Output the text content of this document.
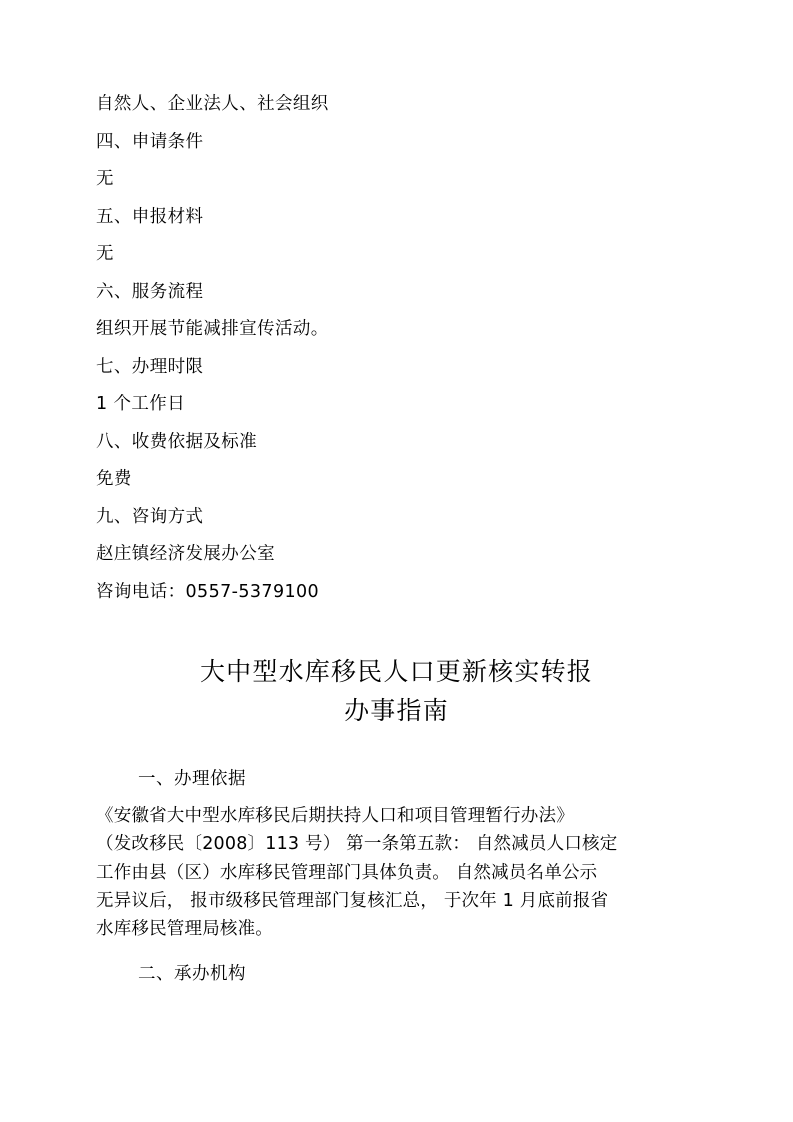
自然人、企业法人、社会组织

四、申请条件

无

五、申报材料

无

六、服务流程

组织开展节能减排宣传活动。

七、办理时限

1 个工作日

八、收费依据及标准

免费

九、咨询方式

赵庄镇经济发展办公室

咨询电话：0557-5379100

大中型水库移民人口更新核实转报
办事指南
一、办理依据

《安徽省大中型水库移民后期扶持人口和项目管理暂行办法》

（发改移民〔2008〕113 号） 第一条第五款： 自然减员人口核定

工作由县（区）水库移民管理部门具体负责。 自然减员名单公示

无异议后， 报市级移民管理部门复核汇总， 于次年 1 月底前报省

水库移民管理局核准。

二、承办机构
